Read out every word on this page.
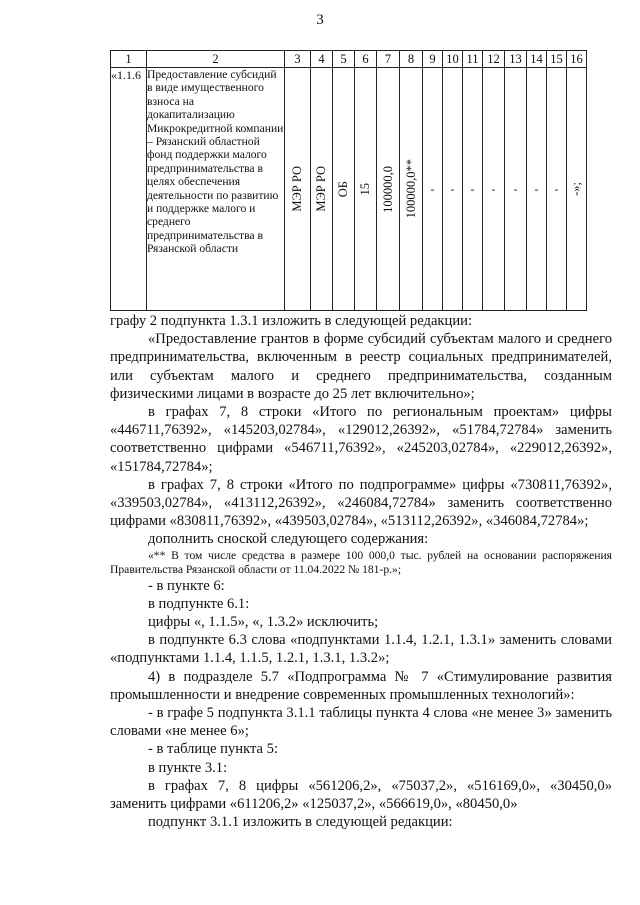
3
1	2	3	4	5	6	7	8	9	10	11	12	13	14	15	16
«1.1.6	Предоставление субсидий в виде имущественного взноса на докапитализацию Микрокредитной компании – Рязанский областной фонд поддержки малого предпринимательства в целях обеспечения деятельности по развитию и поддержке малого и среднего предпринимательства в Рязанской области	МЭР РО	МЭР РО	ОБ	15	100000,0	100000,0**	-	-	-	-	-	-	-	-»;

графу 2 подпункта 1.3.1 изложить в следующей редакции:

«Предоставление грантов в форме субсидий субъектам малого и среднего предпринимательства, включенным в реестр социальных предпринимателей, или субъектам малого и среднего предпринимательства, созданным физическими лицами в возрасте до 25 лет включительно»;

в графах 7, 8 строки «Итого по региональным проектам» цифры «446711,76392», «145203,02784», «129012,26392», «51784,72784» заменить соответственно цифрами «546711,76392», «245203,02784», «229012,26392», «151784,72784»;

в графах 7, 8 строки «Итого по подпрограмме» цифры «730811,76392», «339503,02784», «413112,26392», «246084,72784» заменить соответственно цифрами «830811,76392», «439503,02784», «513112,26392», «346084,72784»;

дополнить сноской следующего содержания:

«** В том числе средства в размере 100 000,0 тыс. рублей на основании распоряжения Правительства Рязанской области от 11.04.2022 № 181-р.»;

- в пункте 6:

в подпункте 6.1:

цифры «, 1.1.5», «, 1.3.2» исключить;

в подпункте 6.3 слова «подпунктами 1.1.4, 1.2.1, 1.3.1» заменить словами «подпунктами 1.1.4, 1.1.5, 1.2.1, 1.3.1, 1.3.2»;

4) в подразделе 5.7 «Подпрограмма № 7 «Стимулирование развития промышленности и внедрение современных промышленных технологий»:

- в графе 5 подпункта 3.1.1 таблицы пункта 4 слова «не менее 3» заменить словами «не менее 6»;

- в таблице пункта 5:

в пункте 3.1:

в графах 7, 8 цифры «561206,2», «75037,2», «516169,0», «30450,0» заменить цифрами «611206,2» «125037,2», «566619,0», «80450,0»

подпункт 3.1.1 изложить в следующей редакции:
